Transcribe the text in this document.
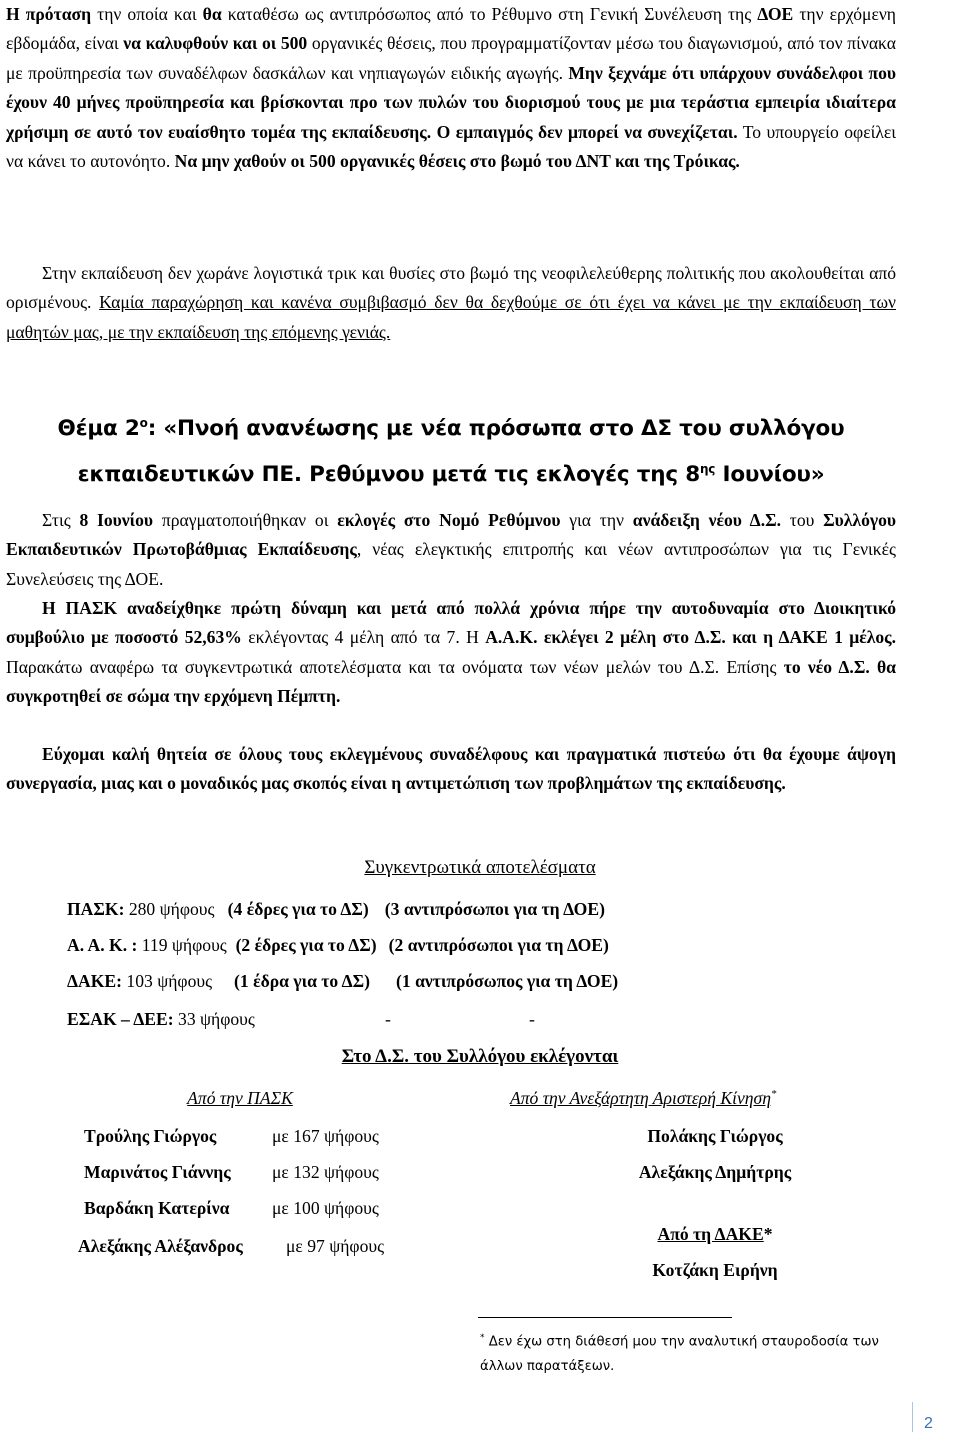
Η πρόταση την οποία και θα καταθέσω ως αντιπρόσωπος από το Ρέθυμνο στη Γενική Συνέλευση της ΔΟΕ την ερχόμενη εβδομάδα, είναι να καλυφθούν και οι 500 οργανικές θέσεις, που προγραμματίζονταν μέσω του διαγωνισμού, από τον πίνακα με προϋπηρεσία των συναδέλφων δασκάλων και νηπιαγωγών ειδικής αγωγής. Μην ξεχνάμε ότι υπάρχουν συνάδελφοι που έχουν 40 μήνες προϋπηρεσία και βρίσκονται προ των πυλών του διορισμού τους με μια τεράστια εμπειρία ιδιαίτερα χρήσιμη σε αυτό τον ευαίσθητο τομέα της εκπαίδευσης. Ο εμπαιγμός δεν μπορεί να συνεχίζεται. Το υπουργείο οφείλει να κάνει το αυτονόητο. Να μην χαθούν οι 500 οργανικές θέσεις στο βωμό του ΔΝΤ και της Τρόικας.

Στην εκπαίδευση δεν χωράνε λογιστικά τρικ και θυσίες στο βωμό της νεοφιλελεύθερης πολιτικής που ακολουθείται από ορισμένους. Καμία παραχώρηση και κανένα συμβιβασμό δεν θα δεχθούμε σε ότι έχει να κάνει με την εκπαίδευση των μαθητών μας, με την εκπαίδευση της επόμενης γενιάς.

Θέμα $2^o$: «Πνοή ανανέωσης με νέα πρόσωπα στο ΔΣ του συλλόγου

εκπαιδευτικών ΠΕ. Ρεθύμνου μετά τις εκλογές της $8^{\eta\varsigma}$ Ιουνίου»

Στις 8 Ιουνίου πραγματοποιήθηκαν οι εκλογές στο Νομό Ρεθύμνου για την ανάδειξη νέου Δ.Σ. του Συλλόγου Εκπαιδευτικών Πρωτοβάθμιας Εκπαίδευσης, νέας ελεγκτικής επιτροπής και νέων αντιπροσώπων για τις Γενικές Συνελεύσεις της ΔΟΕ.

Η ΠΑΣΚ αναδείχθηκε πρώτη δύναμη και μετά από πολλά χρόνια πήρε την αυτοδυναμία στο Διοικητικό συμβούλιο με ποσοστό 52,63% εκλέγοντας 4 μέλη από τα 7. Η Α.Α.Κ. εκλέγει 2 μέλη στο Δ.Σ. και η ΔΑΚΕ 1 μέλος. Παρακάτω αναφέρω τα συγκεντρωτικά αποτελέσματα και τα ονόματα των νέων μελών του Δ.Σ. Επίσης το νέο Δ.Σ. θα συγκροτηθεί σε σώμα την ερχόμενη Πέμπτη.

Εύχομαι καλή θητεία σε όλους τους εκλεγμένους συναδέλφους και πραγματικά πιστεύω ότι θα έχουμε άψογη συνεργασία, μιας και ο μοναδικός μας σκοπός είναι η αντιμετώπιση των προβλημάτων της εκπαίδευσης.

Συγκεντρωτικά αποτελέσματα
ΠΑΣΚ: 280 ψήφους   (4 έδρες για το ΔΣ) (3 αντιπρόσωποι για τη ΔΟΕ)
Α. Α. Κ. : 119 ψήφους  (2 έδρες για το ΔΣ) (2 αντιπρόσωποι για τη ΔΟΕ)
ΔΑΚΕ: 103 ψήφους     (1 έδρα για το ΔΣ) (1 αντιπρόσωπος για τη ΔΟΕ)
ΕΣΑΚ – ΔΕΕ: 33 ψήφους	-	-
Στο Δ.Σ. του Συλλόγου εκλέγονται
Από την ΠΑΣΚ
Τρούλης Γιώργος	με 167 ψήφους
Μαρινάτος Γιάννης με 132 ψήφους
Βαρδάκη Κατερίνα με 100 ψήφους
Αλεξάκης Αλέξανδρος με 97 ψήφους
Από την Ανεξάρτητη Αριστερή Κίνηση*
Πολάκης Γιώργος
Αλεξάκης Δημήτρης
Από τη ΔΑΚΕ*
Κοτζάκη Ειρήνη
* Δεν έχω στη διάθεσή μου την αναλυτική σταυροδοσία των άλλων παρατάξεων.
2
